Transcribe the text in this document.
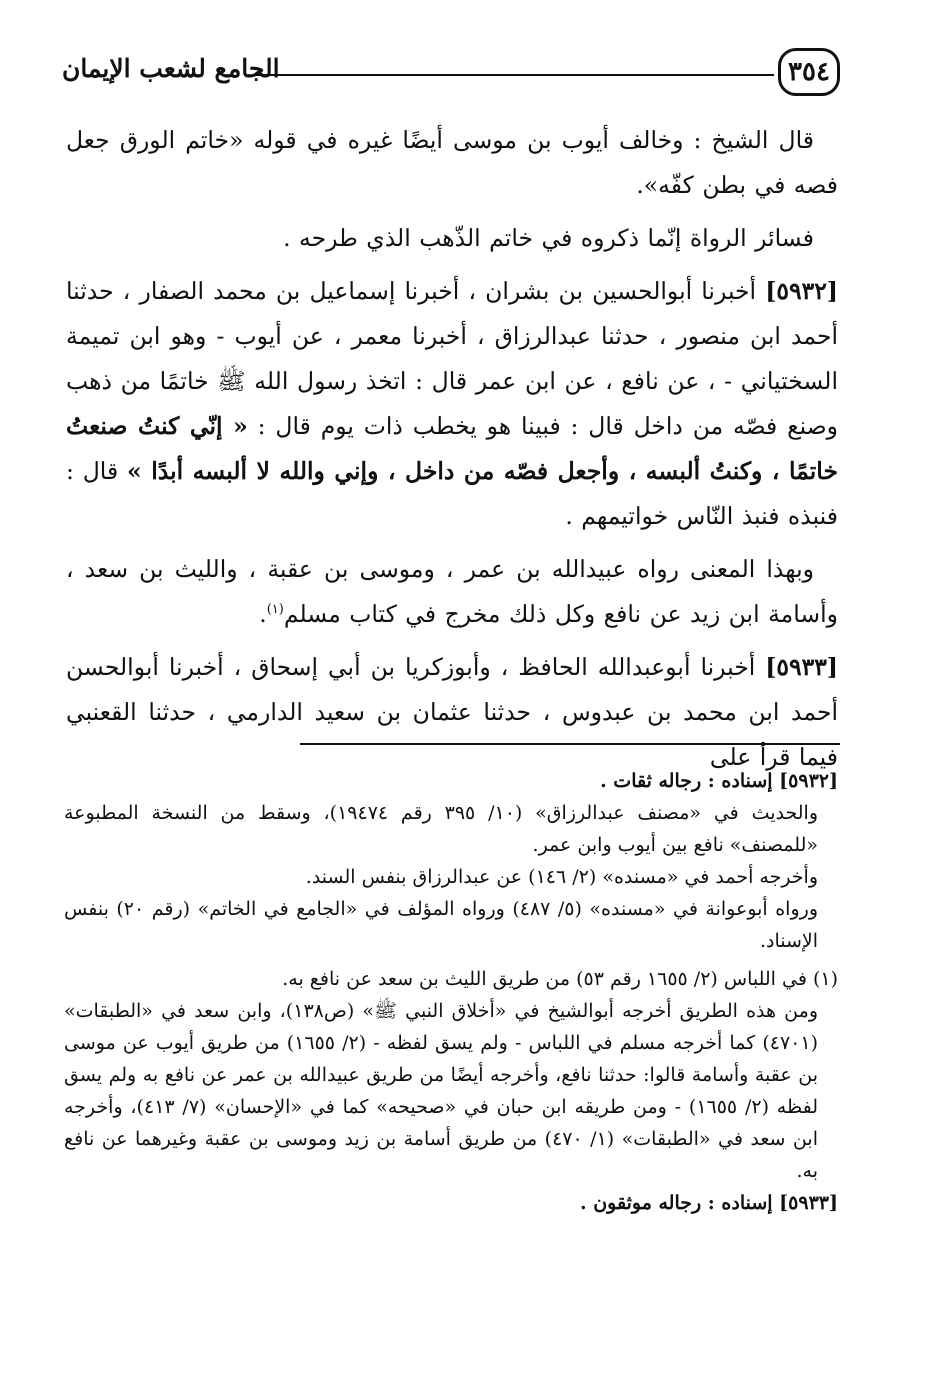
٣٥٤
الجامع لشعب الإيمان

قال الشيخ : وخالف أيوب بن موسى أيضًا غيره في قوله «خاتم الورق جعل فصه في بطن كفّه».

فسائر الرواة إنّما ذكروه في خاتم الذّهب الذي طرحه .

[٥٩٣٢] أخبرنا أبوالحسين بن بشران ، أخبرنا إسماعيل بن محمد الصفار ، حدثنا أحمد ابن منصور ، حدثنا عبدالرزاق ، أخبرنا معمر ، عن أيوب - وهو ابن تميمة السختياني - ، عن نافع ، عن ابن عمر قال : اتخذ رسول الله ﷺ خاتمًا من ذهب وصنع فصّه من داخل قال : فبينا هو يخطب ذات يوم قال : « إنّي كنتُ صنعتُ خاتمًا ، وكنتُ ألبسه ، وأجعل فصّه من داخل ، وإني والله لا ألبسه أبدًا » قال : فنبذه فنبذ النّاس خواتيمهم .

وبهذا المعنى رواه عبيدالله بن عمر ، وموسى بن عقبة ، والليث بن سعد ، وأسامة ابن زيد عن نافع وكل ذلك مخرج في كتاب مسلم$^{(١)}$.

[٥٩٣٣] أخبرنا أبوعبدالله الحافظ ، وأبوزكريا بن أبي إسحاق ، أخبرنا أبوالحسن أحمد ابن محمد بن عبدوس ، حدثنا عثمان بن سعيد الدارمي ، حدثنا القعنبي فيما قرأ على

[٥٩٣٢] إسناده : رجاله ثقات .

والحديث في «مصنف عبدالرزاق» (١٠/ ٣٩٥ رقم ١٩٤٧٤)، وسقط من النسخة المطبوعة «للمصنف» نافع بين أيوب وابن عمر.

وأخرجه أحمد في «مسنده» (٢/ ١٤٦) عن عبدالرزاق بنفس السند.

ورواه أبوعوانة في «مسنده» (٥/ ٤٨٧) ورواه المؤلف في «الجامع في الخاتم» (رقم ٢٠) بنفس الإسناد.

(١) في اللباس (٢/ ١٦٥٥ رقم ٥٣) من طريق الليث بن سعد عن نافع به.

ومن هذه الطريق أخرجه أبوالشيخ في «أخلاق النبي ﷺ» (ص١٣٨)، وابن سعد في «الطبقات» (٤٧٠١) كما أخرجه مسلم في اللباس - ولم يسق لفظه - (٢/ ١٦٥٥) من طريق أيوب عن موسى بن عقبة وأسامة قالوا: حدثنا نافع، وأخرجه أيضًا من طريق عبيدالله بن عمر عن نافع به ولم يسق لفظه (٢/ ١٦٥٥) - ومن طريقه ابن حبان في «صحيحه» كما في «الإحسان» (٧/ ٤١٣)، وأخرجه ابن سعد في «الطبقات» (١/ ٤٧٠) من طريق أسامة بن زيد وموسى بن عقبة وغيرهما عن نافع به.

[٥٩٣٣] إسناده : رجاله موثقون .
